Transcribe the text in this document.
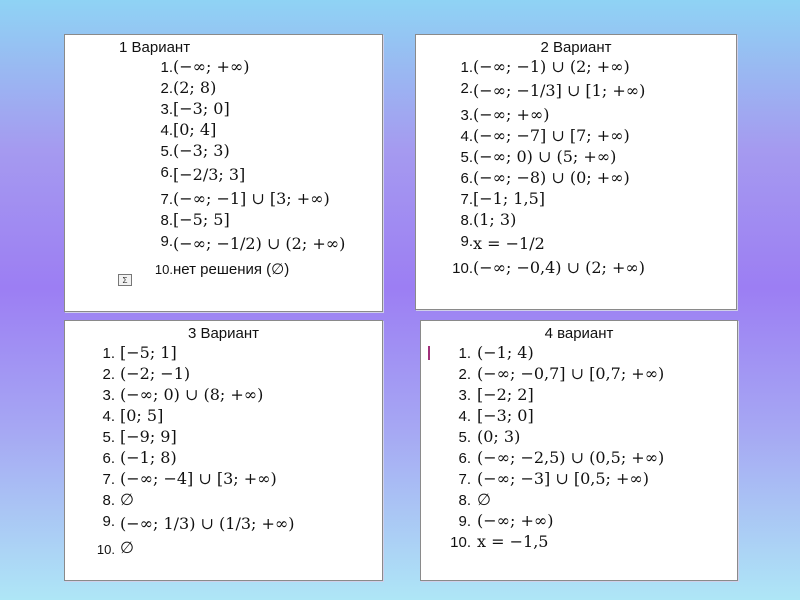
1 Вариант
1. (−∞; +∞)
2. (2; 8)
3. [−3; 0]
4. [0; 4]
5. (−3; 3)
6. [−2/3; 3]
7. (−∞; −1] ∪ [3; +∞)
8. [−5; 5]
9. (−∞; −1/2) ∪ (2; +∞)
10. нет решения (∅)
Σ
2 Вариант
1. (−∞; −1) ∪ (2; +∞)
2. (−∞; −1/3] ∪ [1; +∞)
3. (−∞; +∞)
4. (−∞; −7] ∪ [7; +∞)
5. (−∞; 0) ∪ (5; +∞)
6. (−∞; −8) ∪ (0; +∞)
7. [−1; 1,5]
8. (1; 3)
9. x = −1/2
10. (−∞; −0,4) ∪ (2; +∞)
3 Вариант
1. [−5; 1]
2. (−2; −1)
3. (−∞; 0) ∪ (8; +∞)
4. [0; 5]
5. [−9; 9]
6. (−1; 8)
7. (−∞; −4] ∪ [3; +∞)
8. ∅
9. (−∞; 1/3) ∪ (1/3; +∞)
10. ∅
4 вариант
1. (−1; 4)
2. (−∞; −0,7] ∪ [0,7; +∞)
3. [−2; 2]
4. [−3; 0]
5. (0; 3)
6. (−∞; −2,5) ∪ (0,5; +∞)
7. (−∞; −3] ∪ [0,5; +∞)
8. ∅
9. (−∞; +∞)
10. x = −1,5
